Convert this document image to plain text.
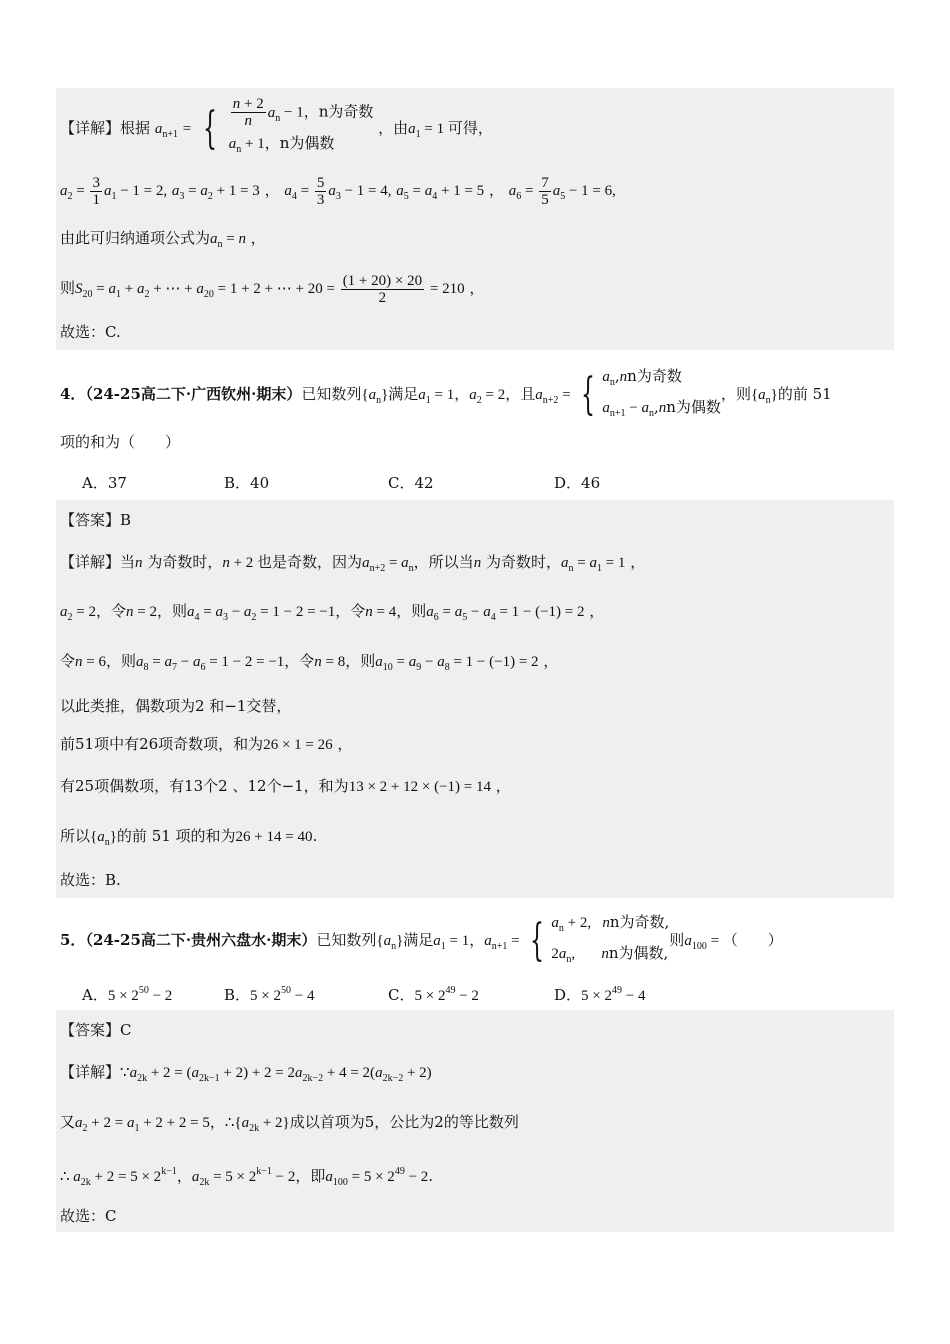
【详解】根据 $a_{n+1}$ = { $\frac{n + 2}{n} a_n - 1$，n为奇数
$a_n + 1$，n为偶数
，由$a_1 = 1$ 可得，
$a_2 = \frac{3}{1} a_1 - 1 = 2$, $a_3 = a_2 + 1 = 3$ ， $a_4 = \frac{5}{3} a_3 - 1 = 4$, $a_5 = a_4 + 1 = 5$ ， $a_6 = \frac{7}{5} a_5 - 1 = 6$,
由此可归纳通项公式为$a_n = n$ ，
则$S_{20} = a_1 + a_2$ + ⋯ + $a_{20} = 1 + 2$ + ⋯ + $20 = \frac{(1 + 20) \times 20}{2} = 210$ ，
故选：C.
4．（24-25高二下·广西钦州·期末）已知数列$\{a_n\}$满足$a_1 = 1$，$a_2 = 2$，且$a_{n+2}$ = { $a_n,nn$为奇数
$a_{n+1} - a_n,nn$为偶数
，则$\{a_n\}$的前 51
项的和为（　　）
A．37	B．40	C．42	D．46
【答案】B
【详解】当n 为奇数时，n + 2 也是奇数，因为$a_{n+2} = a_n$，所以当n 为奇数时，$a_n = a_1 = 1$ ，
$a_2 = 2$，令n = 2，则$a_4 = a_3 - a_2 = 1 - 2 = -1$，令n = 4，则$a_6 = a_5 - a_4 = 1 - (-1) = 2$ ，
令n = 6，则$a_8 = a_7 - a_6 = 1 - 2 = -1$，令n = 8，则$a_{10} = a_9 - a_8 = 1 - (-1) = 2$ ，
以此类推，偶数项为2 和−1交替，
前51项中有26项奇数项，和为26 × 1 = 26 ，
有25项偶数项，有13个2 、12个−1，和为13 × 2 + 12 × (−1) = 14 ，
所以$\{a_n\}$的前 51 项的和为26 + 14 = 40.
故选：B.
5．（24-25高二下·贵州六盘水·期末）已知数列$\{a_n\}$满足$a_1 = 1$，$a_{n+1}$ = { $a_n + 2$,   nn为奇数,
$2a_n$,       nn为偶数,
则$a_{100}$ = （　　）
A．$5 \times 2^{50} - 2$	B．$5 \times 2^{50} - 4$	C．$5 \times 2^{49} - 2$	D．$5 \times 2^{49} - 4$
【答案】C
【详解】$\because a_{2k} + 2 = (a_{2k-1} + 2) + 2 = 2a_{2k-2} + 4 = 2(a_{2k-2} + 2)$
又$a_2 + 2 = a_1 + 2 + 2 = 5$，$\therefore\{a_{2k} + 2\}$成以首项为5，公比为2的等比数列
∴ $a_{2k} + 2 = 5 \times 2^{k-1}$，$a_{2k} = 5 \times 2^{k-1} - 2$，即$a_{100} = 5 \times 2^{49} - 2$.
故选：C
